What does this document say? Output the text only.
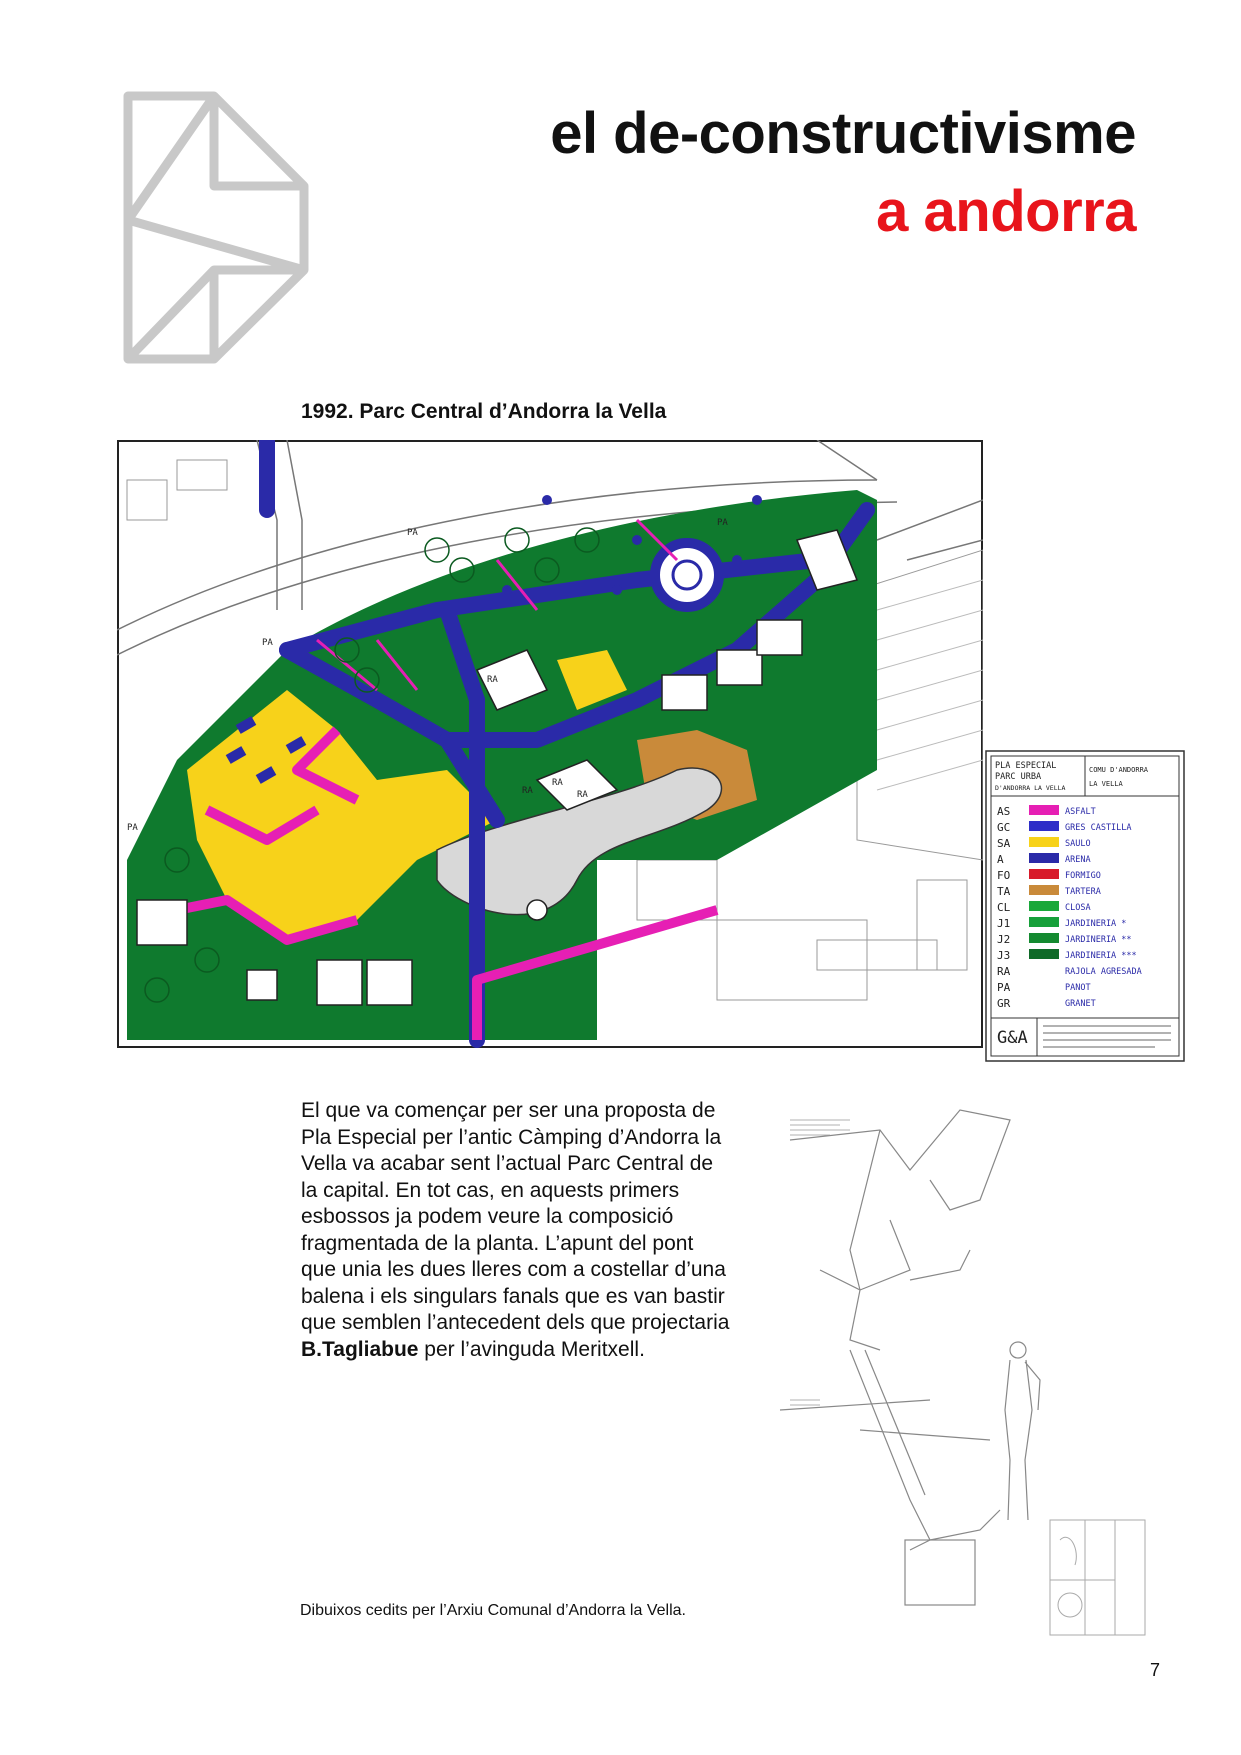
el de-constructivisme
a andorra
1992. Parc Central d’Andorra la Vella
PA
PA
PA
PA
RA
RA
RA
RA
PLA ESPECIAL
PARC URBA
D'ANDORRA LA VELLA
COMU D'ANDORRA
LA VELLA
AS	ASFALT
GC	GRES CASTILLA
SA	SAULO
A	ARENA
FO	FORMIGO
TA	TARTERA
CL	CLOSA
J1	JARDINERIA *
J2	JARDINERIA **
J3	JARDINERIA ***
RA	RAJOLA AGRESADA
PA	PANOT
GR	GRANET
G&A
El que va començar per ser una proposta de Pla Especial per l’antic Càmping d’Andorra la Vella va acabar sent l’actual Parc Central de la capital. En tot cas, en aquests primers esbossos ja podem veure la composició fragmentada de la planta. L’apunt del pont que unia les dues lleres com a costellar d’una balena i els singulars fanals que es van bastir que semblen l’antecedent dels que projectaria B.Tagliabue per l’avinguda Meritxell.
Dibuixos cedits per l’Arxiu Comunal d’Andorra la Vella.
7
